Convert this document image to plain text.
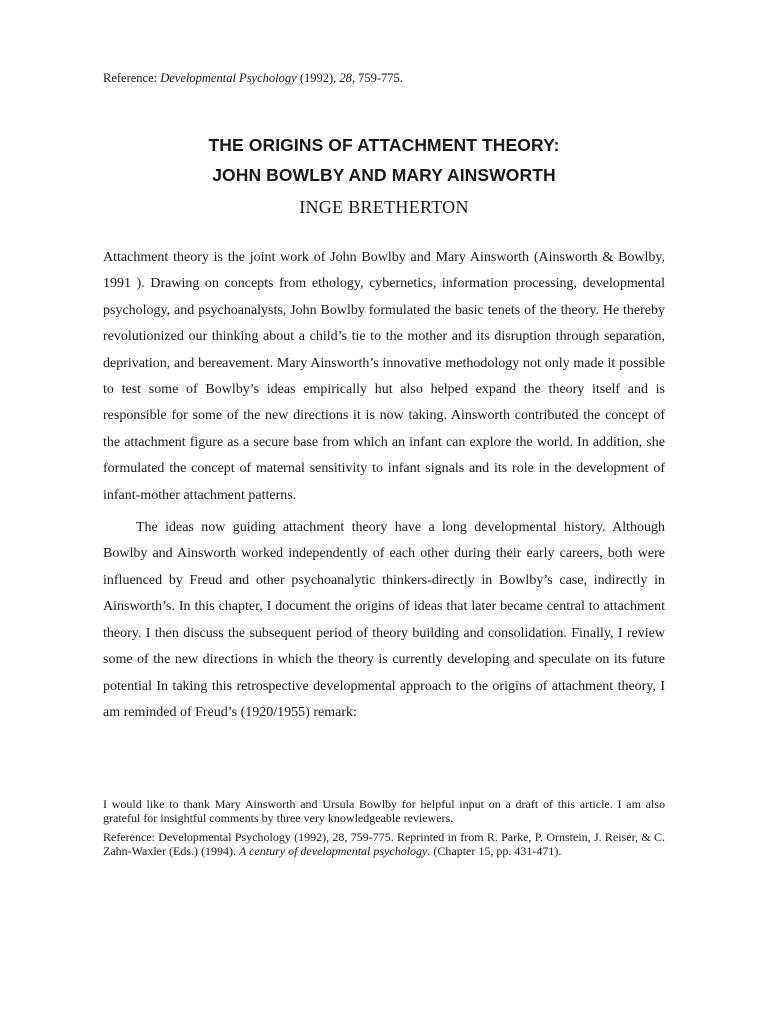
Reference: Developmental Psychology (1992), 28, 759-775.
THE ORIGINS OF ATTACHMENT THEORY:
JOHN BOWLBY AND MARY AINSWORTH
INGE BRETHERTON

Attachment theory is the joint work of John Bowlby and Mary Ainsworth (Ainsworth & Bowlby, 1991 ). Drawing on concepts from ethology, cybernetics, information processing, developmental psychology, and psychoanalysts, John Bowlby formulated the basic tenets of the theory. He thereby revolutionized our thinking about a child’s tie to the mother and its disruption through separation, deprivation, and bereavement. Mary Ainsworth’s innovative methodology not only made it possible to test some of Bowlby’s ideas empirically hut also helped expand the theory itself and is responsible for some of the new directions it is now taking. Ainsworth contributed the concept of the attachment figure as a secure base from which an infant can explore the world. In addition, she formulated the concept of maternal sensitivity to infant signals and its role in the development of infant-mother attachment patterns.

The ideas now guiding attachment theory have a long developmental history. Although Bowlby and Ainsworth worked independently of each other during their early careers, both were influenced by Freud and other psychoanalytic thinkers-directly in Bowlby’s case, indirectly in Ainsworth’s. In this chapter, I document the origins of ideas that later became central to attachment theory. I then discuss the subsequent period of theory building and consolidation. Finally, I review some of the new directions in which the theory is currently developing and speculate on its future potential In taking this retrospective developmental approach to the origins of attachment theory, I am reminded of Freud’s (1920/1955) remark:

I would like to thank Mary Ainsworth and Ursula Bowlby for helpful input on a draft of this article. I am also grateful for insightful comments by three very knowledgeable reviewers.

Reference: Developmental Psychology (1992), 28, 759-775. Reprinted in from R. Parke, P. Ornstein, J. Reiser, & C. Zahn-Waxler (Eds.) (1994). A century of developmental psychology. (Chapter 15, pp. 431-471).
